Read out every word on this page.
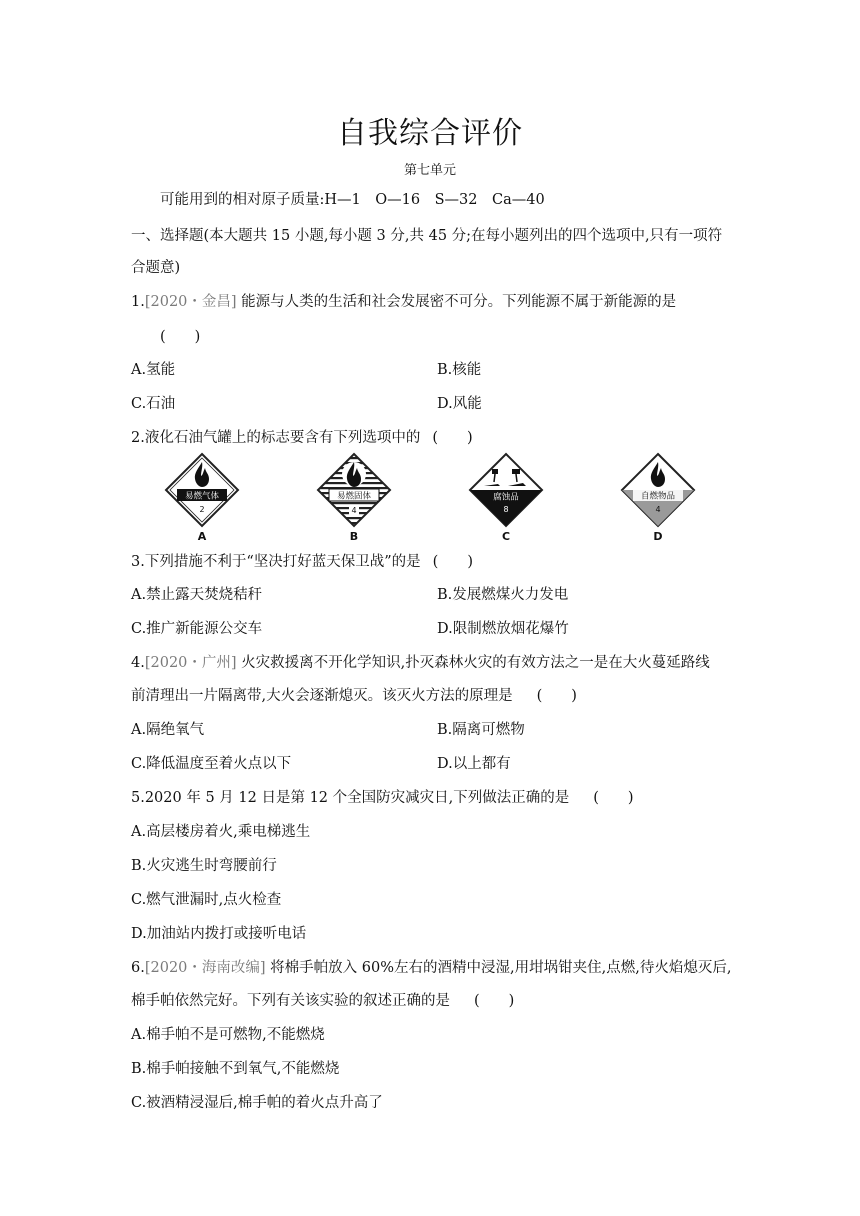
自我综合评价
第七单元
可能用到的相对原子质量:H—1　O—16　S—32　Ca—40
一、选择题(本大题共 15 小题,每小题 3 分,共 45 分;在每小题列出的四个选项中,只有一项符
合题意)
1.[2020・金昌] 能源与人类的生活和社会发展密不可分。下列能源不属于新能源的是
(　　)
A.氢能	B.核能
C.石油	D.风能
2.液化石油气罐上的标志要含有下列选项中的 (　　)
易燃气体
2
A
易燃固体
4
B
腐蚀品
8
C
自燃物品
4
D
3.下列措施不利于“坚决打好蓝天保卫战”的是 (　　)
A.禁止露天焚烧秸秆	B.发展燃煤火力发电
C.推广新能源公交车	D.限制燃放烟花爆竹
4.[2020・广州] 火灾救援离不开化学知识,扑灭森林火灾的有效方法之一是在大火蔓延路线
前清理出一片隔离带,大火会逐渐熄灭。该灭火方法的原理是 (　　)
A.隔绝氧气	B.隔离可燃物
C.降低温度至着火点以下	D.以上都有
5.2020 年 5 月 12 日是第 12 个全国防灾减灾日,下列做法正确的是 (　　)
A.高层楼房着火,乘电梯逃生
B.火灾逃生时弯腰前行
C.燃气泄漏时,点火检查
D.加油站内拨打或接听电话
6.[2020・海南改编] 将棉手帕放入 60%左右的酒精中浸湿,用坩埚钳夹住,点燃,待火焰熄灭后,
棉手帕依然完好。下列有关该实验的叙述正确的是 (　　)
A.棉手帕不是可燃物,不能燃烧
B.棉手帕接触不到氧气,不能燃烧
C.被酒精浸湿后,棉手帕的着火点升高了
